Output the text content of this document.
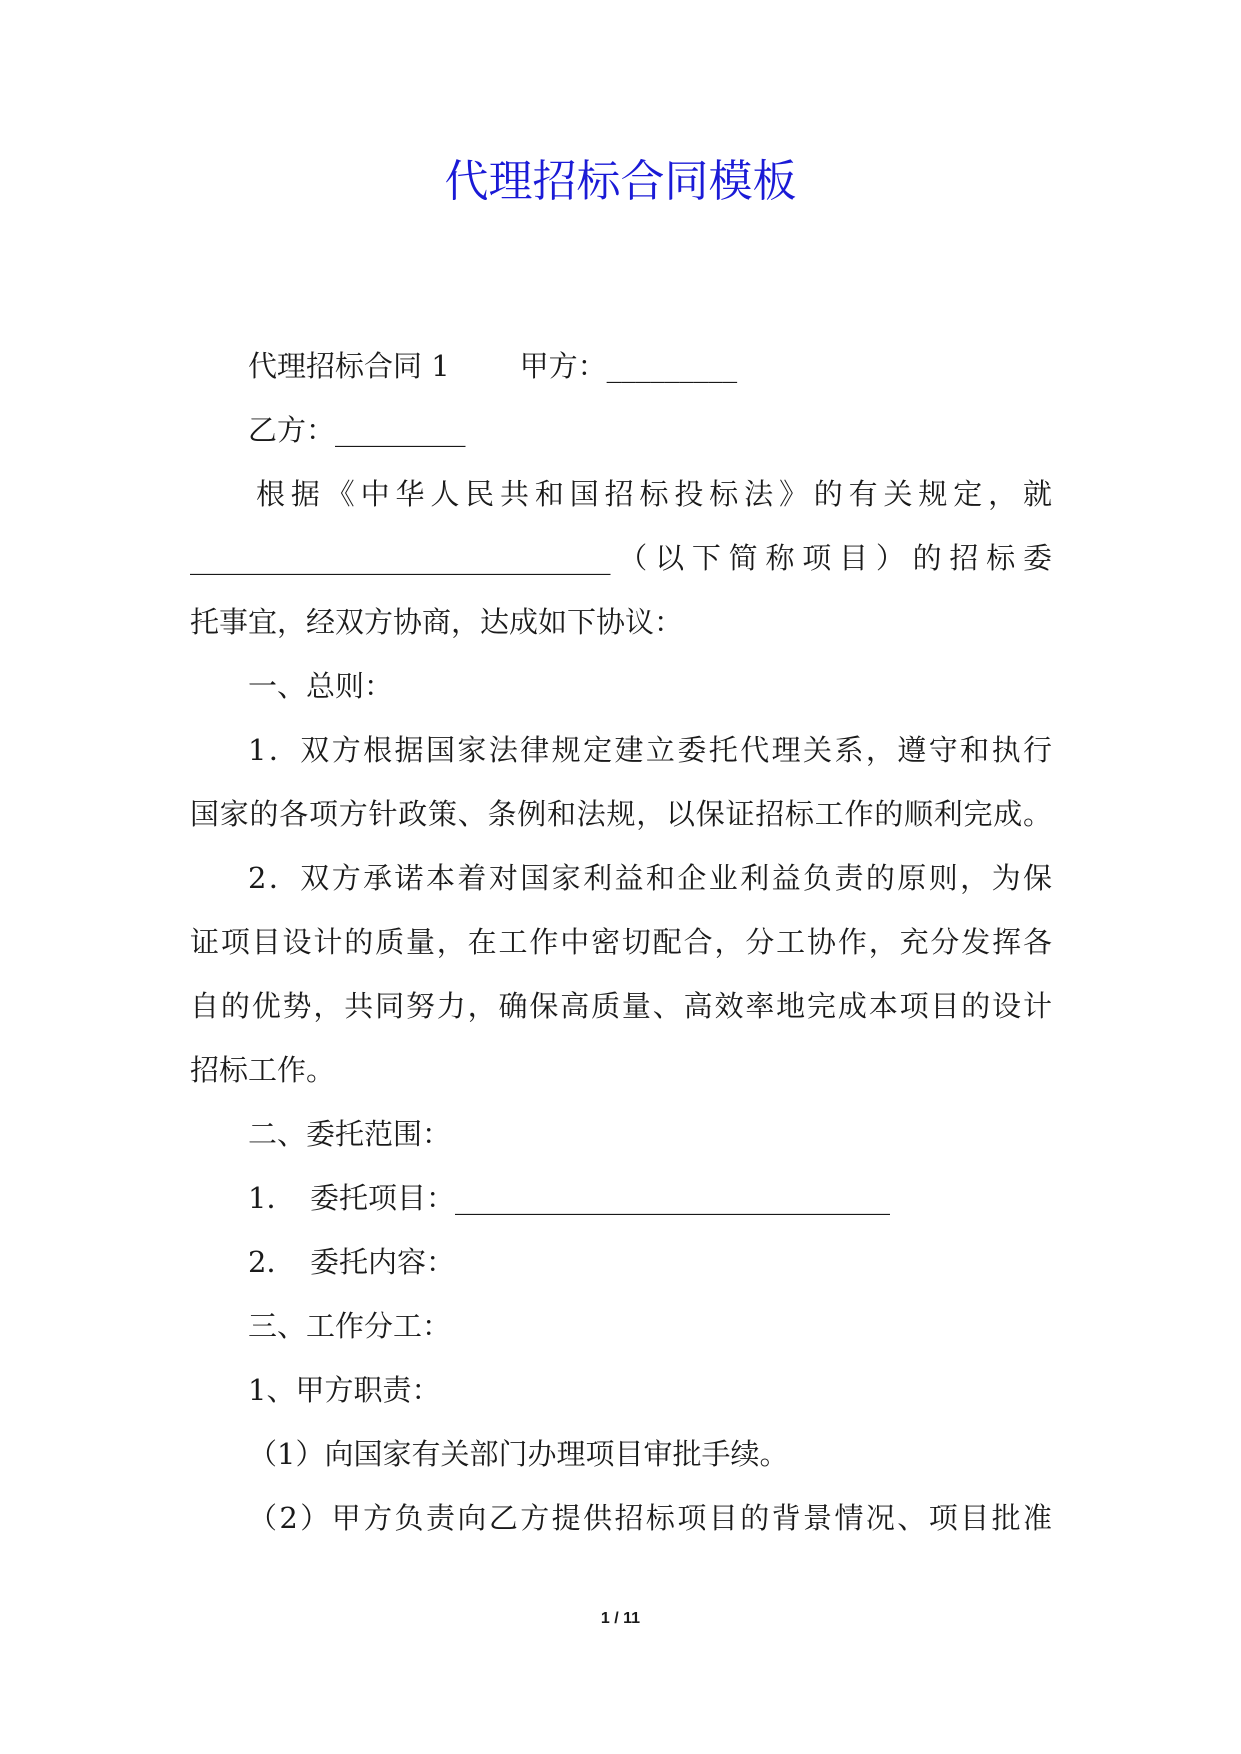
代理招标合同模板
代理招标合同 1 甲方：_________
乙方：_________
根据《中华人民共和国招标投标法》的有关规定，就
_____________________________（以下简称项目）的招标委
托事宜，经双方协商，达成如下协议：
一、总则：
1．双方根据国家法律规定建立委托代理关系，遵守和执行
国家的各项方针政策、条例和法规，以保证招标工作的顺利完成。
2．双方承诺本着对国家利益和企业利益负责的原则，为保
证项目设计的质量，在工作中密切配合，分工协作，充分发挥各
自的优势，共同努力，确保高质量、高效率地完成本项目的设计
招标工作。
二、委托范围：
1．　委托项目：______________________________
2．　委托内容：
三、工作分工：
1、甲方职责：
（1）向国家有关部门办理项目审批手续。
（2）甲方负责向乙方提供招标项目的背景情况、项目批准
1 / 11
